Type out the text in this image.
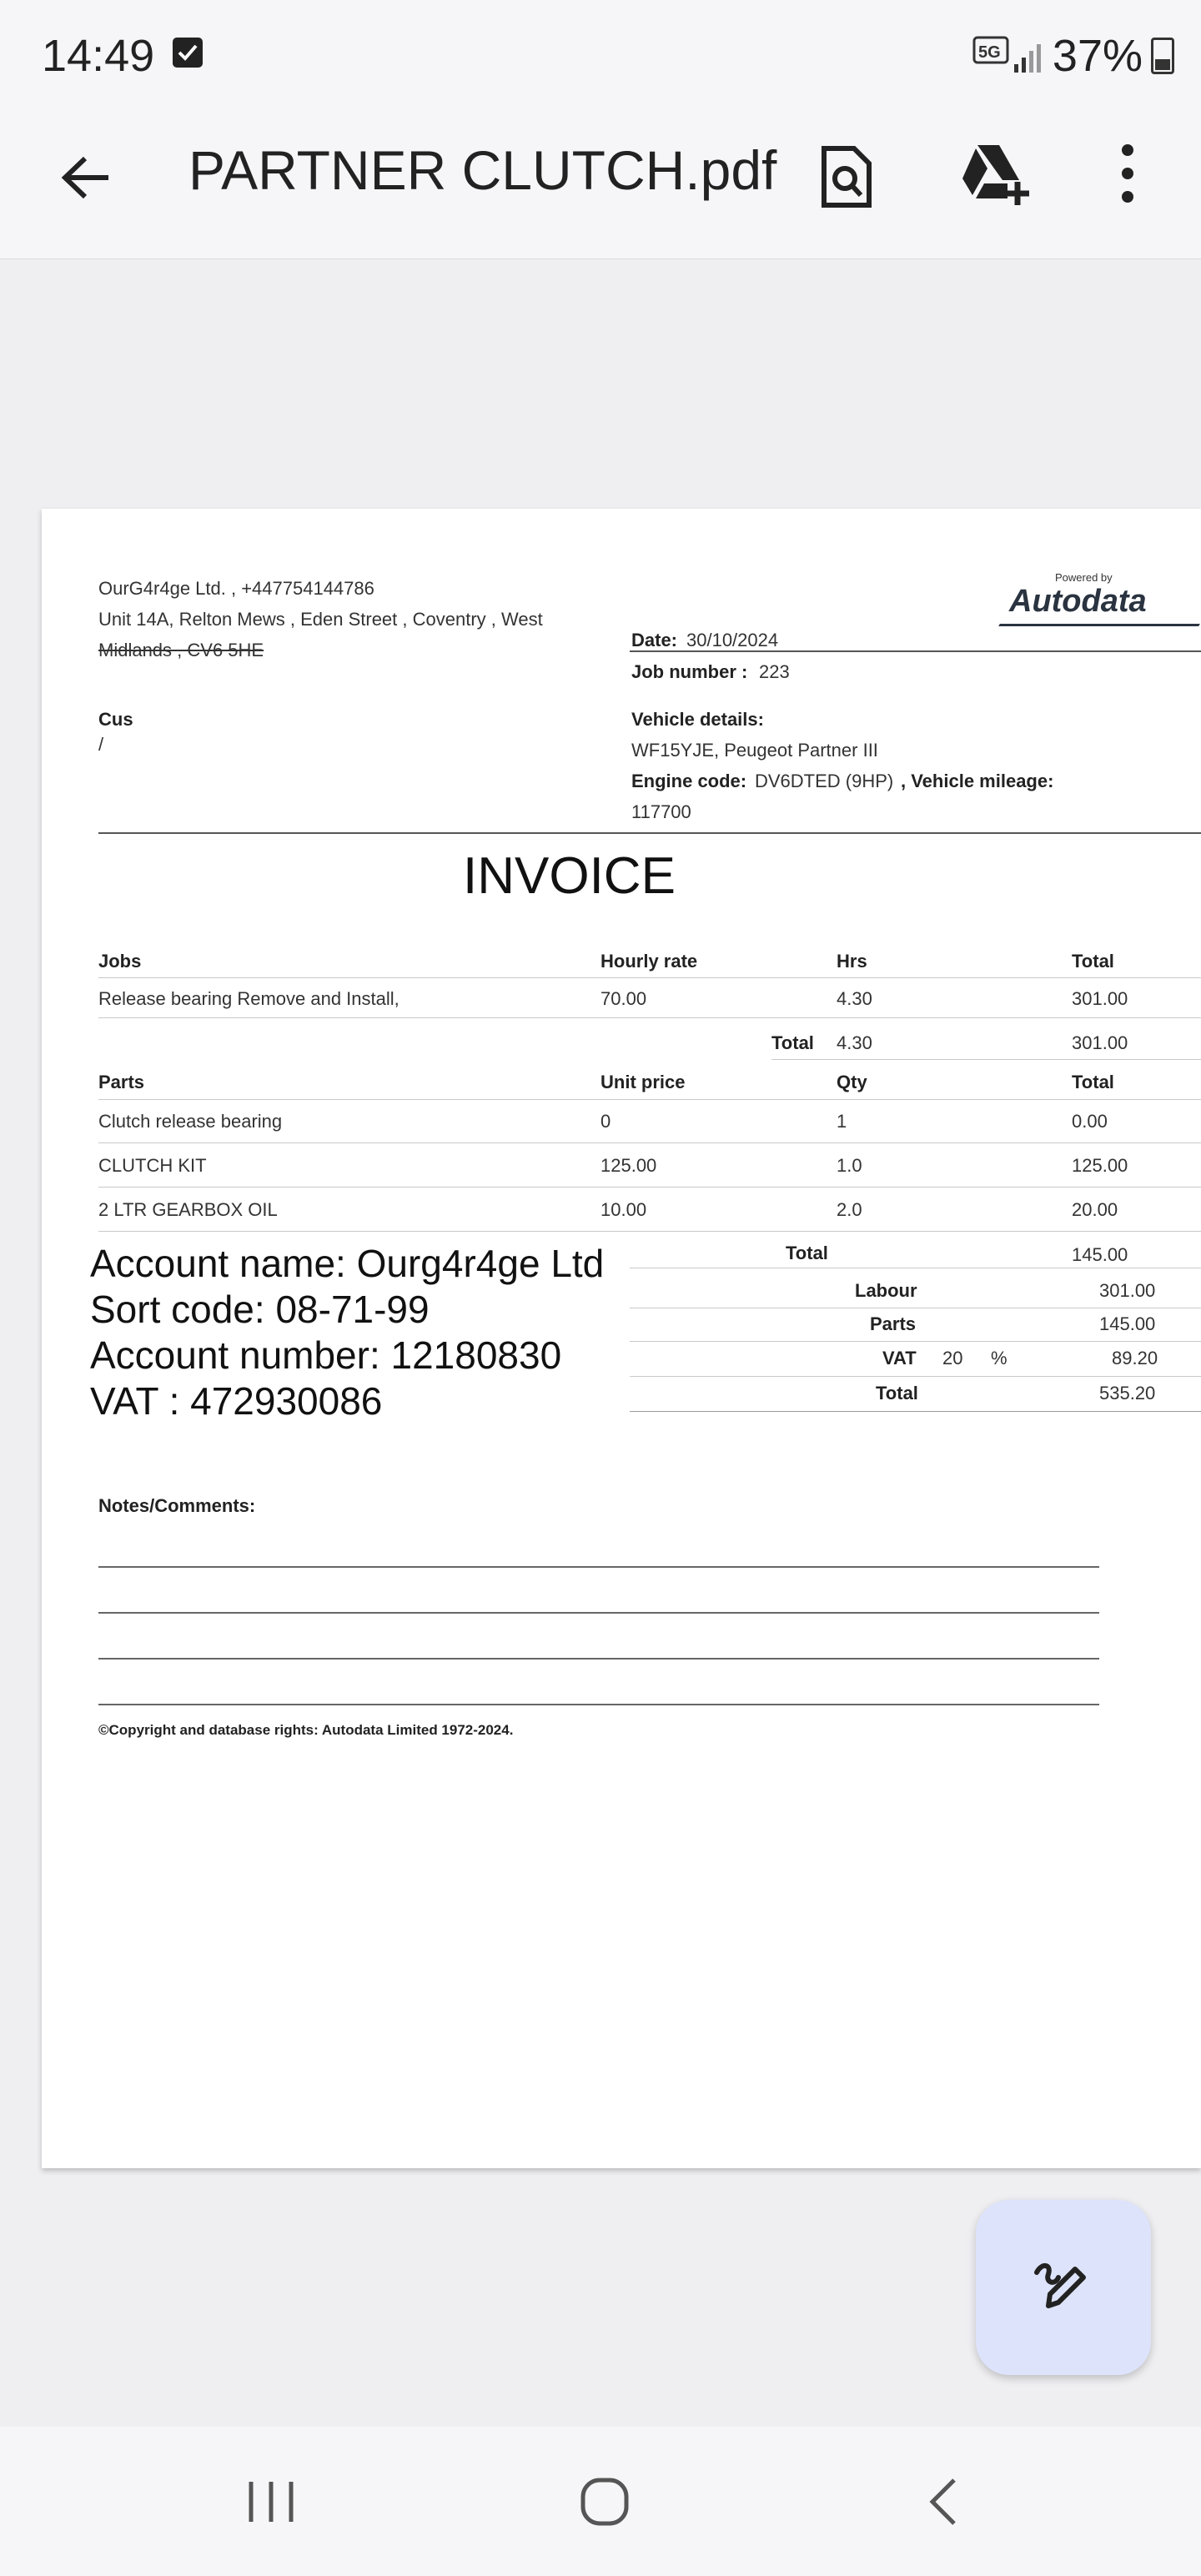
14:49	5G 37%
PARTNER CLUTCH.pdf
OurG4r4ge Ltd. , +447754144786
Unit 14A, Relton Mews , Eden Street , Coventry , West
Midlands , CV6 5HE
Powered by
Autodata
Date: 30/10/2024
Job number : 223
Cus
/
Vehicle details:
WF15YJE, Peugeot Partner III
Engine code: DV6DTED (9HP) , Vehicle mileage:
117700
INVOICE
Jobs	Hourly rate	Hrs	Total
Release bearing Remove and Install,	70.00	4.30	301.00
Total 4.30	301.00
Parts	Unit price	Qty	Total
Clutch release bearing	0	1	0.00
CLUTCH KIT	125.00	1.0	125.00
2 LTR GEARBOX OIL	10.00	2.0	20.00
Total	145.00
Account name: Ourg4r4ge Ltd
Sort code: 08-71-99
Account number: 12180830
VAT : 472930086
Labour	301.00
Parts	145.00
VAT 20 %	89.20
Total	535.20
Notes/Comments:
©Copyright and database rights: Autodata Limited 1972-2024.
